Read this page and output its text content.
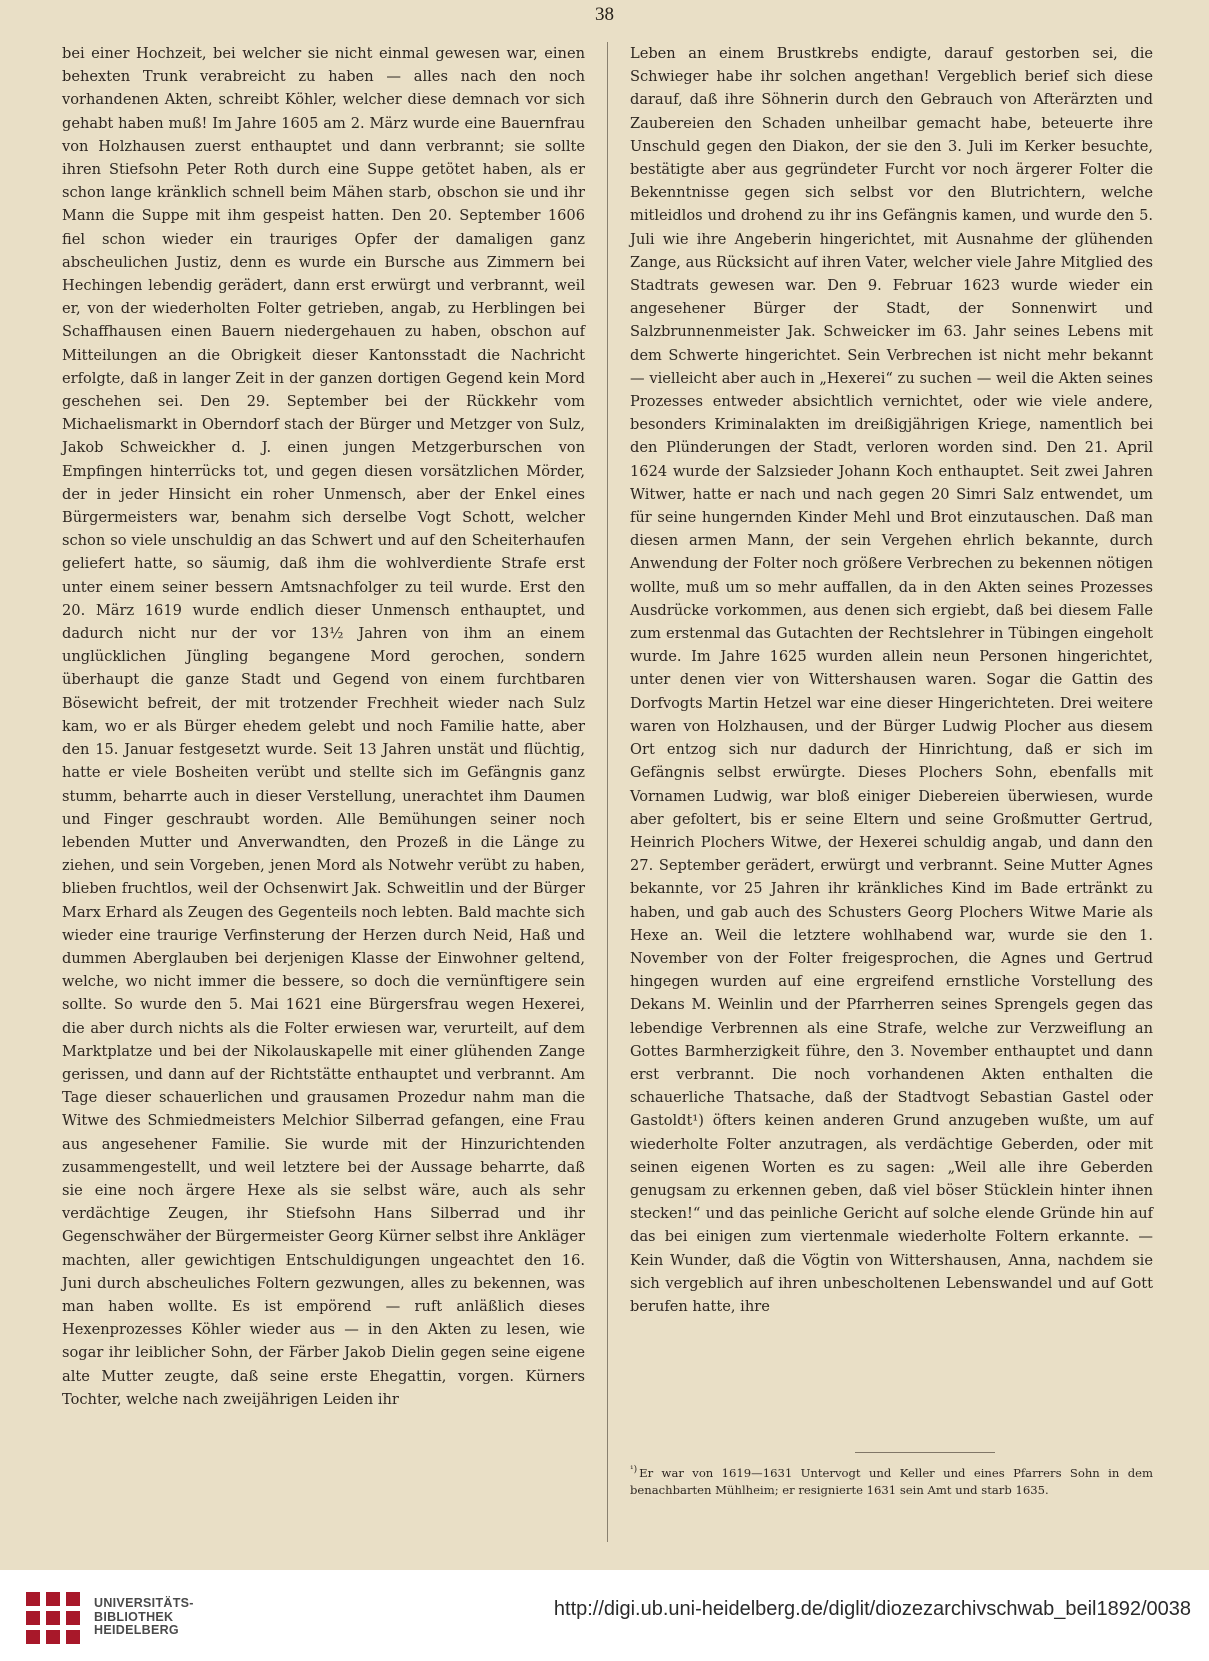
38

bei einer Hochzeit, bei welcher sie nicht einmal gewesen war, einen behexten Trunk verabreicht zu haben — alles nach den noch vorhandenen Akten, schreibt Köhler, welcher diese demnach vor sich gehabt haben muß! Im Jahre 1605 am 2. März wurde eine Bauernfrau von Holzhausen zuerst enthauptet und dann verbrannt; sie sollte ihren Stiefsohn Peter Roth durch eine Suppe getötet haben, als er schon lange kränklich schnell beim Mähen starb, obschon sie und ihr Mann die Suppe mit ihm gespeist hatten. Den 20. September 1606 fiel schon wieder ein trauriges Opfer der damaligen ganz abscheulichen Justiz, denn es wurde ein Bursche aus Zimmern bei Hechingen lebendig gerädert, dann erst erwürgt und verbrannt, weil er, von der wiederholten Folter getrieben, angab, zu Herblingen bei Schaffhausen einen Bauern niedergehauen zu haben, obschon auf Mitteilungen an die Obrigkeit dieser Kantonsstadt die Nachricht erfolgte, daß in langer Zeit in der ganzen dortigen Gegend kein Mord geschehen sei. Den 29. September bei der Rückkehr vom Michaelismarkt in Oberndorf stach der Bürger und Metzger von Sulz, Jakob Schweickher d. J. einen jungen Metzgerburschen von Empfingen hinterrücks tot, und gegen diesen vorsätzlichen Mörder, der in jeder Hinsicht ein roher Unmensch, aber der Enkel eines Bürgermeisters war, benahm sich derselbe Vogt Schott, welcher schon so viele unschuldig an das Schwert und auf den Scheiterhaufen geliefert hatte, so säumig, daß ihm die wohlverdiente Strafe erst unter einem seiner bessern Amtsnachfolger zu teil wurde. Erst den 20. März 1619 wurde endlich dieser Unmensch enthauptet, und dadurch nicht nur der vor 13½ Jahren von ihm an einem unglücklichen Jüngling begangene Mord gerochen, sondern überhaupt die ganze Stadt und Gegend von einem furchtbaren Bösewicht befreit, der mit trotzender Frechheit wieder nach Sulz kam, wo er als Bürger ehedem gelebt und noch Familie hatte, aber den 15. Januar festgesetzt wurde. Seit 13 Jahren unstät und flüchtig, hatte er viele Bosheiten verübt und stellte sich im Gefängnis ganz stumm, beharrte auch in dieser Verstellung, unerachtet ihm Daumen und Finger geschraubt worden. Alle Bemühungen seiner noch lebenden Mutter und Anverwandten, den Prozeß in die Länge zu ziehen, und sein Vorgeben, jenen Mord als Notwehr verübt zu haben, blieben fruchtlos, weil der Ochsenwirt Jak. Schweitlin und der Bürger Marx Erhard als Zeugen des Gegenteils noch lebten. Bald machte sich wieder eine traurige Verfinsterung der Herzen durch Neid, Haß und dummen Aberglauben bei derjenigen Klasse der Einwohner geltend, welche, wo nicht immer die bessere, so doch die vernünftigere sein sollte. So wurde den 5. Mai 1621 eine Bürgersfrau wegen Hexerei, die aber durch nichts als die Folter erwiesen war, verurteilt, auf dem Marktplatze und bei der Nikolauskapelle mit einer glühenden Zange gerissen, und dann auf der Richtstätte enthauptet und verbrannt. Am Tage dieser schauerlichen und grausamen Prozedur nahm man die Witwe des Schmiedmeisters Melchior Silberrad gefangen, eine Frau aus angesehener Familie. Sie wurde mit der Hinzurichtenden zusammengestellt, und weil letztere bei der Aussage beharrte, daß sie eine noch ärgere Hexe als sie selbst wäre, auch als sehr verdächtige Zeugen, ihr Stiefsohn Hans Silberrad und ihr Gegenschwäher der Bürgermeister Georg Kürner selbst ihre Ankläger machten, aller gewichtigen Entschuldigungen ungeachtet den 16. Juni durch abscheuliches Foltern gezwungen, alles zu bekennen, was man haben wollte. Es ist empörend — ruft anläßlich dieses Hexenprozesses Köhler wieder aus — in den Akten zu lesen, wie sogar ihr leiblicher Sohn, der Färber Jakob Dielin gegen seine eigene alte Mutter zeugte, daß seine erste Ehegattin, vorgen. Kürners Tochter, welche nach zweijährigen Leiden ihr

Leben an einem Brustkrebs endigte, darauf gestorben sei, die Schwieger habe ihr solchen angethan! Vergeblich berief sich diese darauf, daß ihre Söhnerin durch den Gebrauch von Afterärzten und Zaubereien den Schaden unheilbar gemacht habe, beteuerte ihre Unschuld gegen den Diakon, der sie den 3. Juli im Kerker besuchte, bestätigte aber aus gegründeter Furcht vor noch ärgerer Folter die Bekenntnisse gegen sich selbst vor den Blutrichtern, welche mitleidlos und drohend zu ihr ins Gefängnis kamen, und wurde den 5. Juli wie ihre Angeberin hingerichtet, mit Ausnahme der glühenden Zange, aus Rücksicht auf ihren Vater, welcher viele Jahre Mitglied des Stadtrats gewesen war. Den 9. Februar 1623 wurde wieder ein angesehener Bürger der Stadt, der Sonnenwirt und Salzbrunnenmeister Jak. Schweicker im 63. Jahr seines Lebens mit dem Schwerte hingerichtet. Sein Verbrechen ist nicht mehr bekannt — vielleicht aber auch in „Hexerei“ zu suchen — weil die Akten seines Prozesses entweder absichtlich vernichtet, oder wie viele andere, besonders Kriminalakten im dreißigjährigen Kriege, namentlich bei den Plünderungen der Stadt, verloren worden sind. Den 21. April 1624 wurde der Salzsieder Johann Koch enthauptet. Seit zwei Jahren Witwer, hatte er nach und nach gegen 20 Simri Salz entwendet, um für seine hungernden Kinder Mehl und Brot einzutauschen. Daß man diesen armen Mann, der sein Vergehen ehrlich bekannte, durch Anwendung der Folter noch größere Verbrechen zu bekennen nötigen wollte, muß um so mehr auffallen, da in den Akten seines Prozesses Ausdrücke vorkommen, aus denen sich ergiebt, daß bei diesem Falle zum erstenmal das Gutachten der Rechtslehrer in Tübingen eingeholt wurde. Im Jahre 1625 wurden allein neun Personen hingerichtet, unter denen vier von Wittershausen waren. Sogar die Gattin des Dorfvogts Martin Hetzel war eine dieser Hingerichteten. Drei weitere waren von Holzhausen, und der Bürger Ludwig Plocher aus diesem Ort entzog sich nur dadurch der Hinrichtung, daß er sich im Gefängnis selbst erwürgte. Dieses Plochers Sohn, ebenfalls mit Vornamen Ludwig, war bloß einiger Diebereien überwiesen, wurde aber gefoltert, bis er seine Eltern und seine Großmutter Gertrud, Heinrich Plochers Witwe, der Hexerei schuldig angab, und dann den 27. September gerädert, erwürgt und verbrannt. Seine Mutter Agnes bekannte, vor 25 Jahren ihr kränkliches Kind im Bade ertränkt zu haben, und gab auch des Schusters Georg Plochers Witwe Marie als Hexe an. Weil die letztere wohlhabend war, wurde sie den 1. November von der Folter freigesprochen, die Agnes und Gertrud hingegen wurden auf eine ergreifend ernstliche Vorstellung des Dekans M. Weinlin und der Pfarrherren seines Sprengels gegen das lebendige Verbrennen als eine Strafe, welche zur Verzweiflung an Gottes Barmherzigkeit führe, den 3. November enthauptet und dann erst verbrannt. Die noch vorhandenen Akten enthalten die schauerliche Thatsache, daß der Stadtvogt Sebastian Gastel oder Gastoldt¹) öfters keinen anderen Grund anzugeben wußte, um auf wiederholte Folter anzutragen, als verdächtige Geberden, oder mit seinen eigenen Worten es zu sagen: „Weil alle ihre Geberden genugsam zu erkennen geben, daß viel böser Stücklein hinter ihnen stecken!“ und das peinliche Gericht auf solche elende Gründe hin auf das bei einigen zum viertenmale wiederholte Foltern erkannte. — Kein Wunder, daß die Vögtin von Wittershausen, Anna, nachdem sie sich vergeblich auf ihren unbescholtenen Lebenswandel und auf Gott berufen hatte, ihre

$^{^1)}$ Er war von 1619—1631 Untervogt und Keller und eines Pfarrers Sohn in dem benachbarten Mühlheim; er resignierte 1631 sein Amt und starb 1635.
UNIVERSITÄTS-
BIBLIOTHEK
HEIDELBERG
http://digi.ub.uni-heidelberg.de/diglit/diozezarchivschwab_beil1892/0038
